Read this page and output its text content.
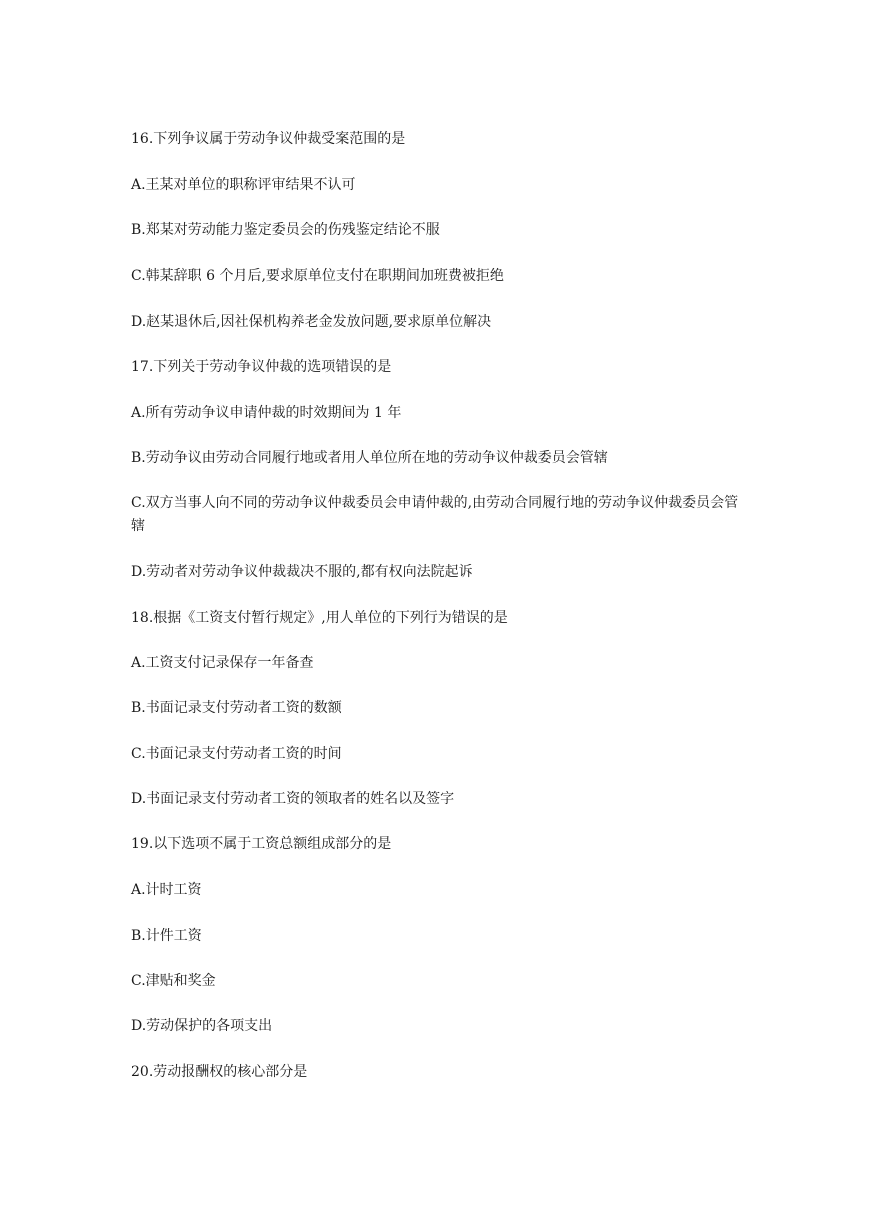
16.下列争议属于劳动争议仲裁受案范围的是
A.王某对单位的职称评审结果不认可
B.郑某对劳动能力鉴定委员会的伤残鉴定结论不服
C.韩某辞职 6 个月后,要求原单位支付在职期间加班费被拒绝
D.赵某退休后,因社保机构养老金发放问题,要求原单位解决
17.下列关于劳动争议仲裁的选项错误的是
A.所有劳动争议申请仲裁的时效期间为 1 年
B.劳动争议由劳动合同履行地或者用人单位所在地的劳动争议仲裁委员会管辖
C.双方当事人向不同的劳动争议仲裁委员会申请仲裁的,由劳动合同履行地的劳动争议仲裁委员会管辖
D.劳动者对劳动争议仲裁裁决不服的,都有权向法院起诉
18.根据《工资支付暂行规定》,用人单位的下列行为错误的是
A.工资支付记录保存一年备查
B.书面记录支付劳动者工资的数额
C.书面记录支付劳动者工资的时间
D.书面记录支付劳动者工资的领取者的姓名以及签字
19.以下选项不属于工资总额组成部分的是
A.计时工资
B.计件工资
C.津贴和奖金
D.劳动保护的各项支出
20.劳动报酬权的核心部分是
